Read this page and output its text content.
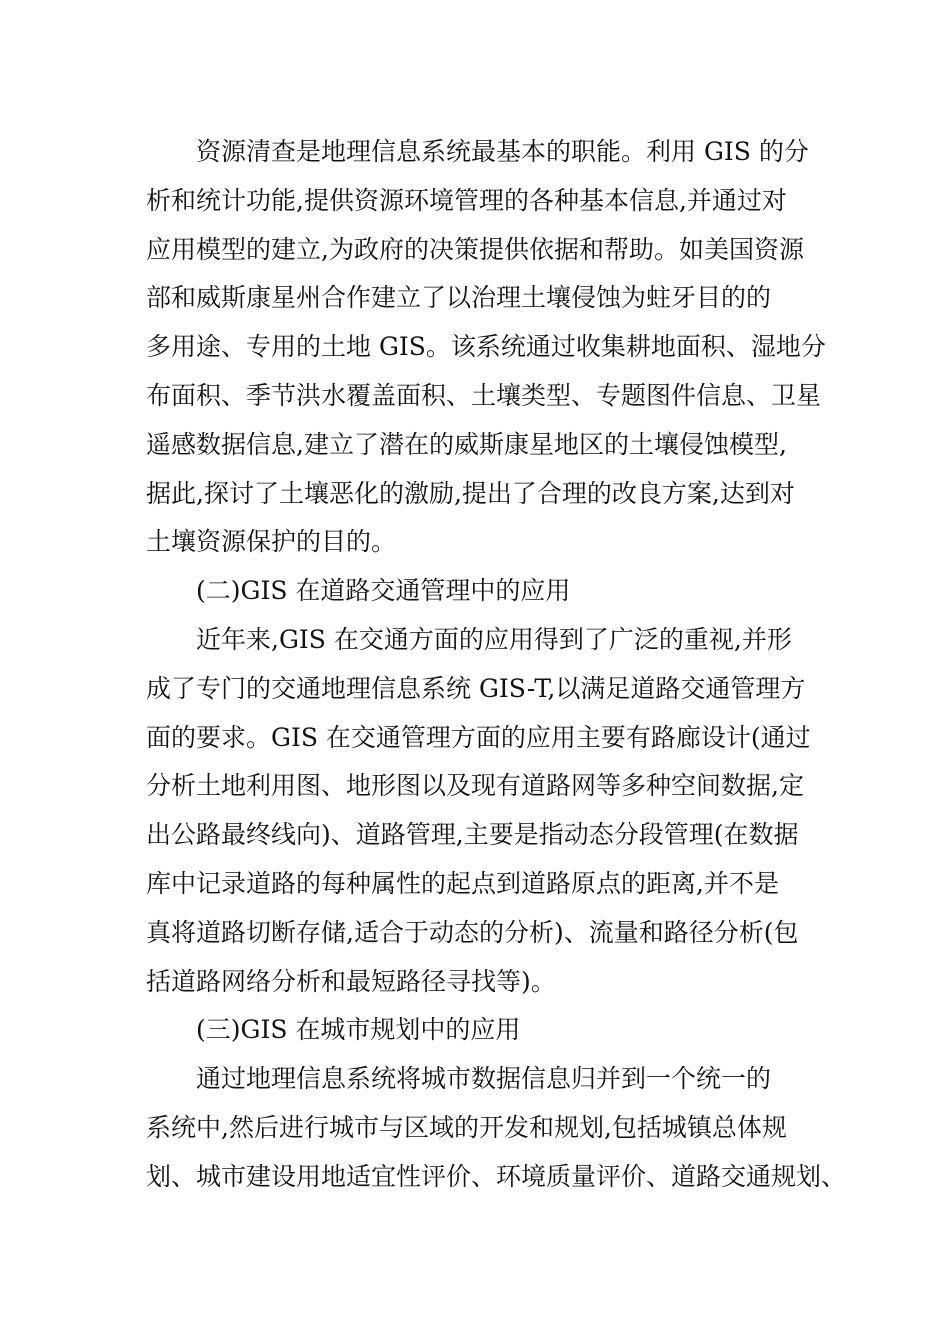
资源清查是地理信息系统最基本的职能。利用 GIS 的分
析和统计功能,提供资源环境管理的各种基本信息,并通过对
应用模型的建立,为政府的决策提供依据和帮助。如美国资源
部和威斯康星州合作建立了以治理土壤侵蚀为蛀牙目的的
多用途、专用的土地 GIS。该系统通过收集耕地面积、湿地分
布面积、季节洪水覆盖面积、土壤类型、专题图件信息、卫星
遥感数据信息,建立了潜在的威斯康星地区的土壤侵蚀模型,
据此,探讨了土壤恶化的激励,提出了合理的改良方案,达到对
土壤资源保护的目的。
(二)GIS 在道路交通管理中的应用
近年来,GIS 在交通方面的应用得到了广泛的重视,并形
成了专门的交通地理信息系统 GIS-T,以满足道路交通管理方
面的要求。GIS 在交通管理方面的应用主要有路廊设计(通过
分析土地利用图、地形图以及现有道路网等多种空间数据,定
出公路最终线向)、道路管理,主要是指动态分段管理(在数据
库中记录道路的每种属性的起点到道路原点的距离,并不是
真将道路切断存储,适合于动态的分析)、流量和路径分析(包
括道路网络分析和最短路径寻找等)。
(三)GIS 在城市规划中的应用
通过地理信息系统将城市数据信息归并到一个统一的
系统中,然后进行城市与区域的开发和规划,包括城镇总体规
划、城市建设用地适宜性评价、环境质量评价、道路交通规划、
